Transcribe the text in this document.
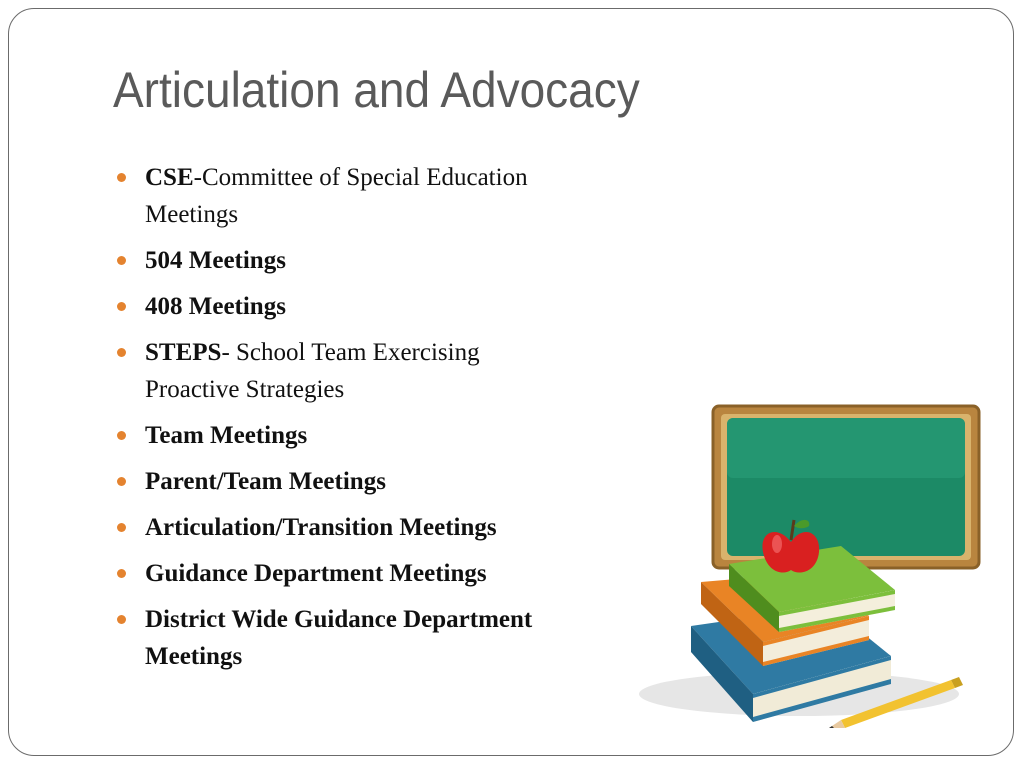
Articulation and Advocacy
CSE-Committee of Special Education Meetings
504 Meetings
408 Meetings
STEPS- School Team Exercising Proactive Strategies
Team Meetings
Parent/Team Meetings
Articulation/Transition Meetings
Guidance Department Meetings
District Wide Guidance Department Meetings
